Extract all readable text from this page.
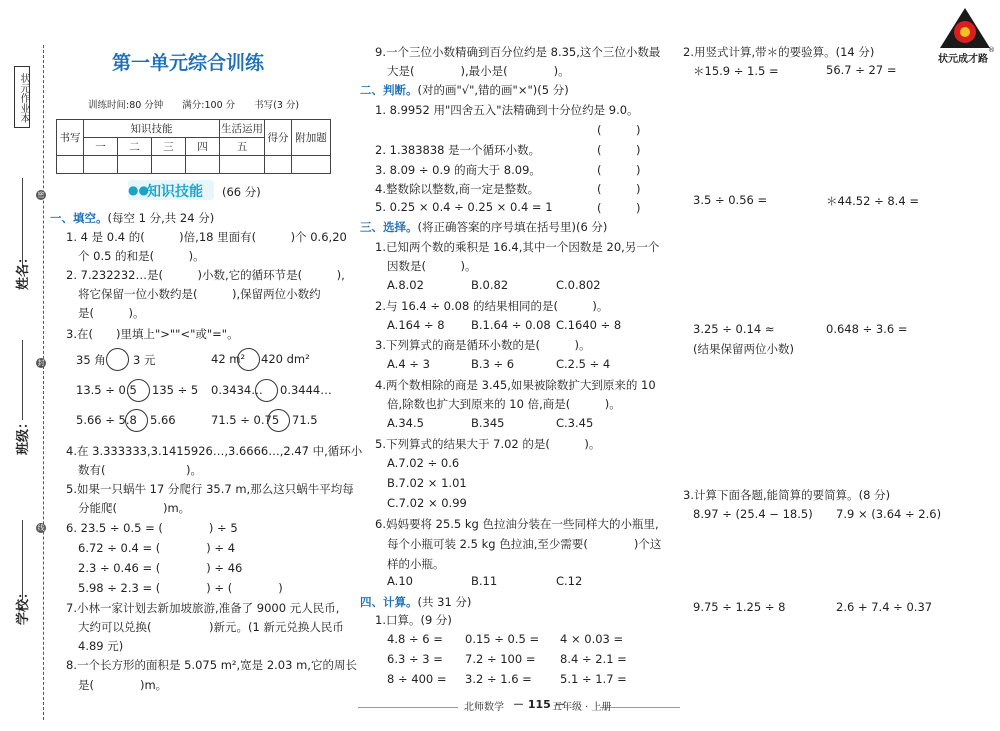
状元作业本
密
封
线
姓名：
班级：
学校：
状元成才路
®
第一单元综合训练
训练时间:80 分钟　　满分:100 分　　书写(3 分)
书写	知识技能				生活运用	得分	附加题
	一	二	三	四	五		

●●
知识技能 (66 分)
一、填空。(每空 1 分,共 24 分)
1. 4 是 0.4 的(　　　)倍,18 里面有(　　　)个 0.6,20
个 0.5 的和是(　　　)。
2. 7.232232…是(　　　)小数,它的循环节是(　　　),
将它保留一位小数约是(　　　),保留两位小数约
是(　　　)。
3.在(　　)里填上">""<"或"="。
35 角 3 元	42 m² 420 dm²
13.5 ÷ 0.5 135 ÷ 5 0.3434… 0.3444…
5.66 ÷ 5.8 5.66	71.5 ÷ 0.75 71.5
4.在 3.333333,3.1415926…,3.6666…,2.47̇̇ 中,循环小
数有(　　　　　　　)。
5.如果一只蜗牛 17 分爬行 35.7 m,那么这只蜗牛平均每
分能爬(　　　　)m。
6. 23.5 ÷ 0.5 = (　　　　) ÷ 5
6.72 ÷ 0.4 = (　　　　) ÷ 4
2.3 ÷ 0.46 = (　　　　) ÷ 46
5.98 ÷ 2.3 = (　　　　) ÷ (　　　　)
7.小林一家计划去新加坡旅游,准备了 9000 元人民币,
大约可以兑换(　　　　　)新元。(1 新元兑换人民币
4.89 元)
8.一个长方形的面积是 5.075 m²,宽是 2.03 m,它的周长
是(　　　　)m。
9.一个三位小数精确到百分位约是 8.35,这个三位小数最
大是(　　　　),最小是(　　　　)。
二、判断。(对的画"√",错的画"×")(5 分)
1. 8.9952 用"四舍五入"法精确到十分位约是 9.0。
(　　　)
2. 1.383838 是一个循环小数。	(　　　)
3. 8.09 ÷ 0.9 的商大于 8.09。	(　　　)
4.整数除以整数,商一定是整数。	(　　　)
5. 0.25 × 0.4 ÷ 0.25 × 0.4 = 1	(　　　)
三、选择。(将正确答案的序号填在括号里)(6 分)
1.已知两个数的乘积是 16.4,其中一个因数是 20,另一个
因数是(　　　)。
A.8.02	B.0.82	C.0.802
2.与 16.4 ÷ 0.08 的结果相同的是(　　　)。
A.164 ÷ 8 B.1.64 ÷ 0.08 C.1640 ÷ 8
3.下列算式的商是循环小数的是(　　　)。
A.4 ÷ 3	B.3 ÷ 6	C.2.5 ÷ 4
4.两个数相除的商是 3.45,如果被除数扩大到原来的 10
倍,除数也扩大到原来的 10 倍,商是(　　　)。
A.34.5	B.345	C.3.45
5.下列算式的结果大于 7.02 的是(　　　)。
A.7.02 ÷ 0.6
B.7.02 × 1.01
C.7.02 × 0.99
6.妈妈要将 25.5 kg 色拉油分装在一些同样大的小瓶里,
每个小瓶可装 2.5 kg 色拉油,至少需要(　　　　)个这
样的小瓶。
A.10	B.11	C.12
四、计算。(共 31 分)
1.口算。(9 分)
4.8 ÷ 6 = 0.15 ÷ 0.5 = 4 × 0.03 =
6.3 ÷ 3 = 7.2 ÷ 100 = 8.4 ÷ 2.1 =
8 ÷ 400 = 3.2 ÷ 1.6 = 5.1 ÷ 1.7 =
2.用竖式计算,带＊的要验算。(14 分)
＊15.9 ÷ 1.5 =	56.7 ÷ 27 =
3.5 ÷ 0.56 =	＊44.52 ÷ 8.4 =
3.25 ÷ 0.14 ≈
(结果保留两位小数)
0.648 ÷ 3.6 =
3.计算下面各题,能简算的要简算。(8 分)
8.97 ÷ (25.4 − 18.5) 7.9 × (3.64 ÷ 2.6)
9.75 ÷ 1.25 ÷ 8	2.6 + 7.4 ÷ 0.37
北师数学 － 115 －
五年级 · 上册
